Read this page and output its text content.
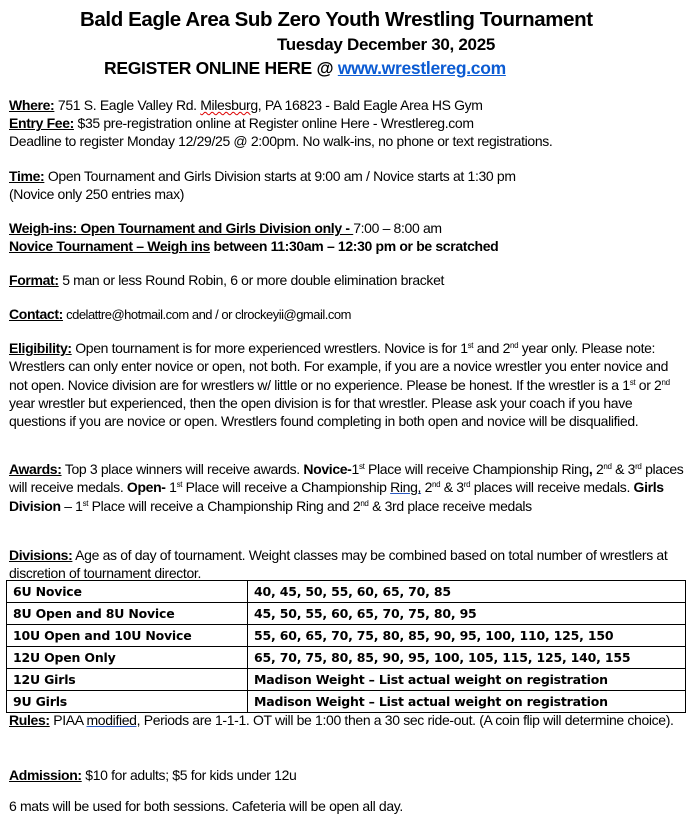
Bald Eagle Area Sub Zero Youth Wrestling Tournament
Tuesday December 30, 2025
REGISTER ONLINE HERE @ www.wrestlereg.com
Where: 751 S. Eagle Valley Rd. Milesburg, PA 16823 - Bald Eagle Area HS Gym
Entry Fee: $35 pre-registration online at Register online Here - Wrestlereg.com
Deadline to register Monday 12/29/25 @ 2:00pm. No walk-ins, no phone or text registrations.
Time: Open Tournament and Girls Division starts at 9:00 am / Novice starts at 1:30 pm
(Novice only 250 entries max)
Weigh-ins: Open Tournament and Girls Division only - 7:00 – 8:00 am
Novice Tournament – Weigh ins between 11:30am – 12:30 pm or be scratched
Format: 5 man or less Round Robin, 6 or more double elimination bracket
Contact: cdelattre@hotmail.com and / or clrockeyii@gmail.com
Eligibility: Open tournament is for more experienced wrestlers. Novice is for 1st and 2nd year only. Please note: Wrestlers can only enter novice or open, not both. For example, if you are a novice wrestler you enter novice and not open. Novice division are for wrestlers w/ little or no experience. Please be honest. If the wrestler is a 1st or 2nd year wrestler but experienced, then the open division is for that wrestler. Please ask your coach if you have questions if you are novice or open. Wrestlers found completing in both open and novice will be disqualified.
Awards: Top 3 place winners will receive awards. Novice-1st Place will receive Championship Ring, 2nd & 3rd places will receive medals. Open- 1st Place will receive a Championship Ring, 2nd & 3rd places will receive medals. Girls Division – 1st Place will receive a Championship Ring and 2nd & 3rd place receive medals
Divisions: Age as of day of tournament. Weight classes may be combined based on total number of wrestlers at discretion of tournament director.
6U Novice	40, 45, 50, 55, 60, 65, 70, 85
8U Open and 8U Novice	45, 50, 55, 60, 65, 70, 75, 80, 95
10U Open and 10U Novice	55, 60, 65, 70, 75, 80, 85, 90, 95, 100, 110, 125, 150
12U Open Only	65, 70, 75, 80, 85, 90, 95, 100, 105, 115, 125, 140, 155
12U Girls	Madison Weight – List actual weight on registration
9U Girls	Madison Weight – List actual weight on registration
Rules: PIAA modified, Periods are 1-1-1. OT will be 1:00 then a 30 sec ride-out. (A coin flip will determine choice).
Admission: $10 for adults; $5 for kids under 12u
6 mats will be used for both sessions. Cafeteria will be open all day.
